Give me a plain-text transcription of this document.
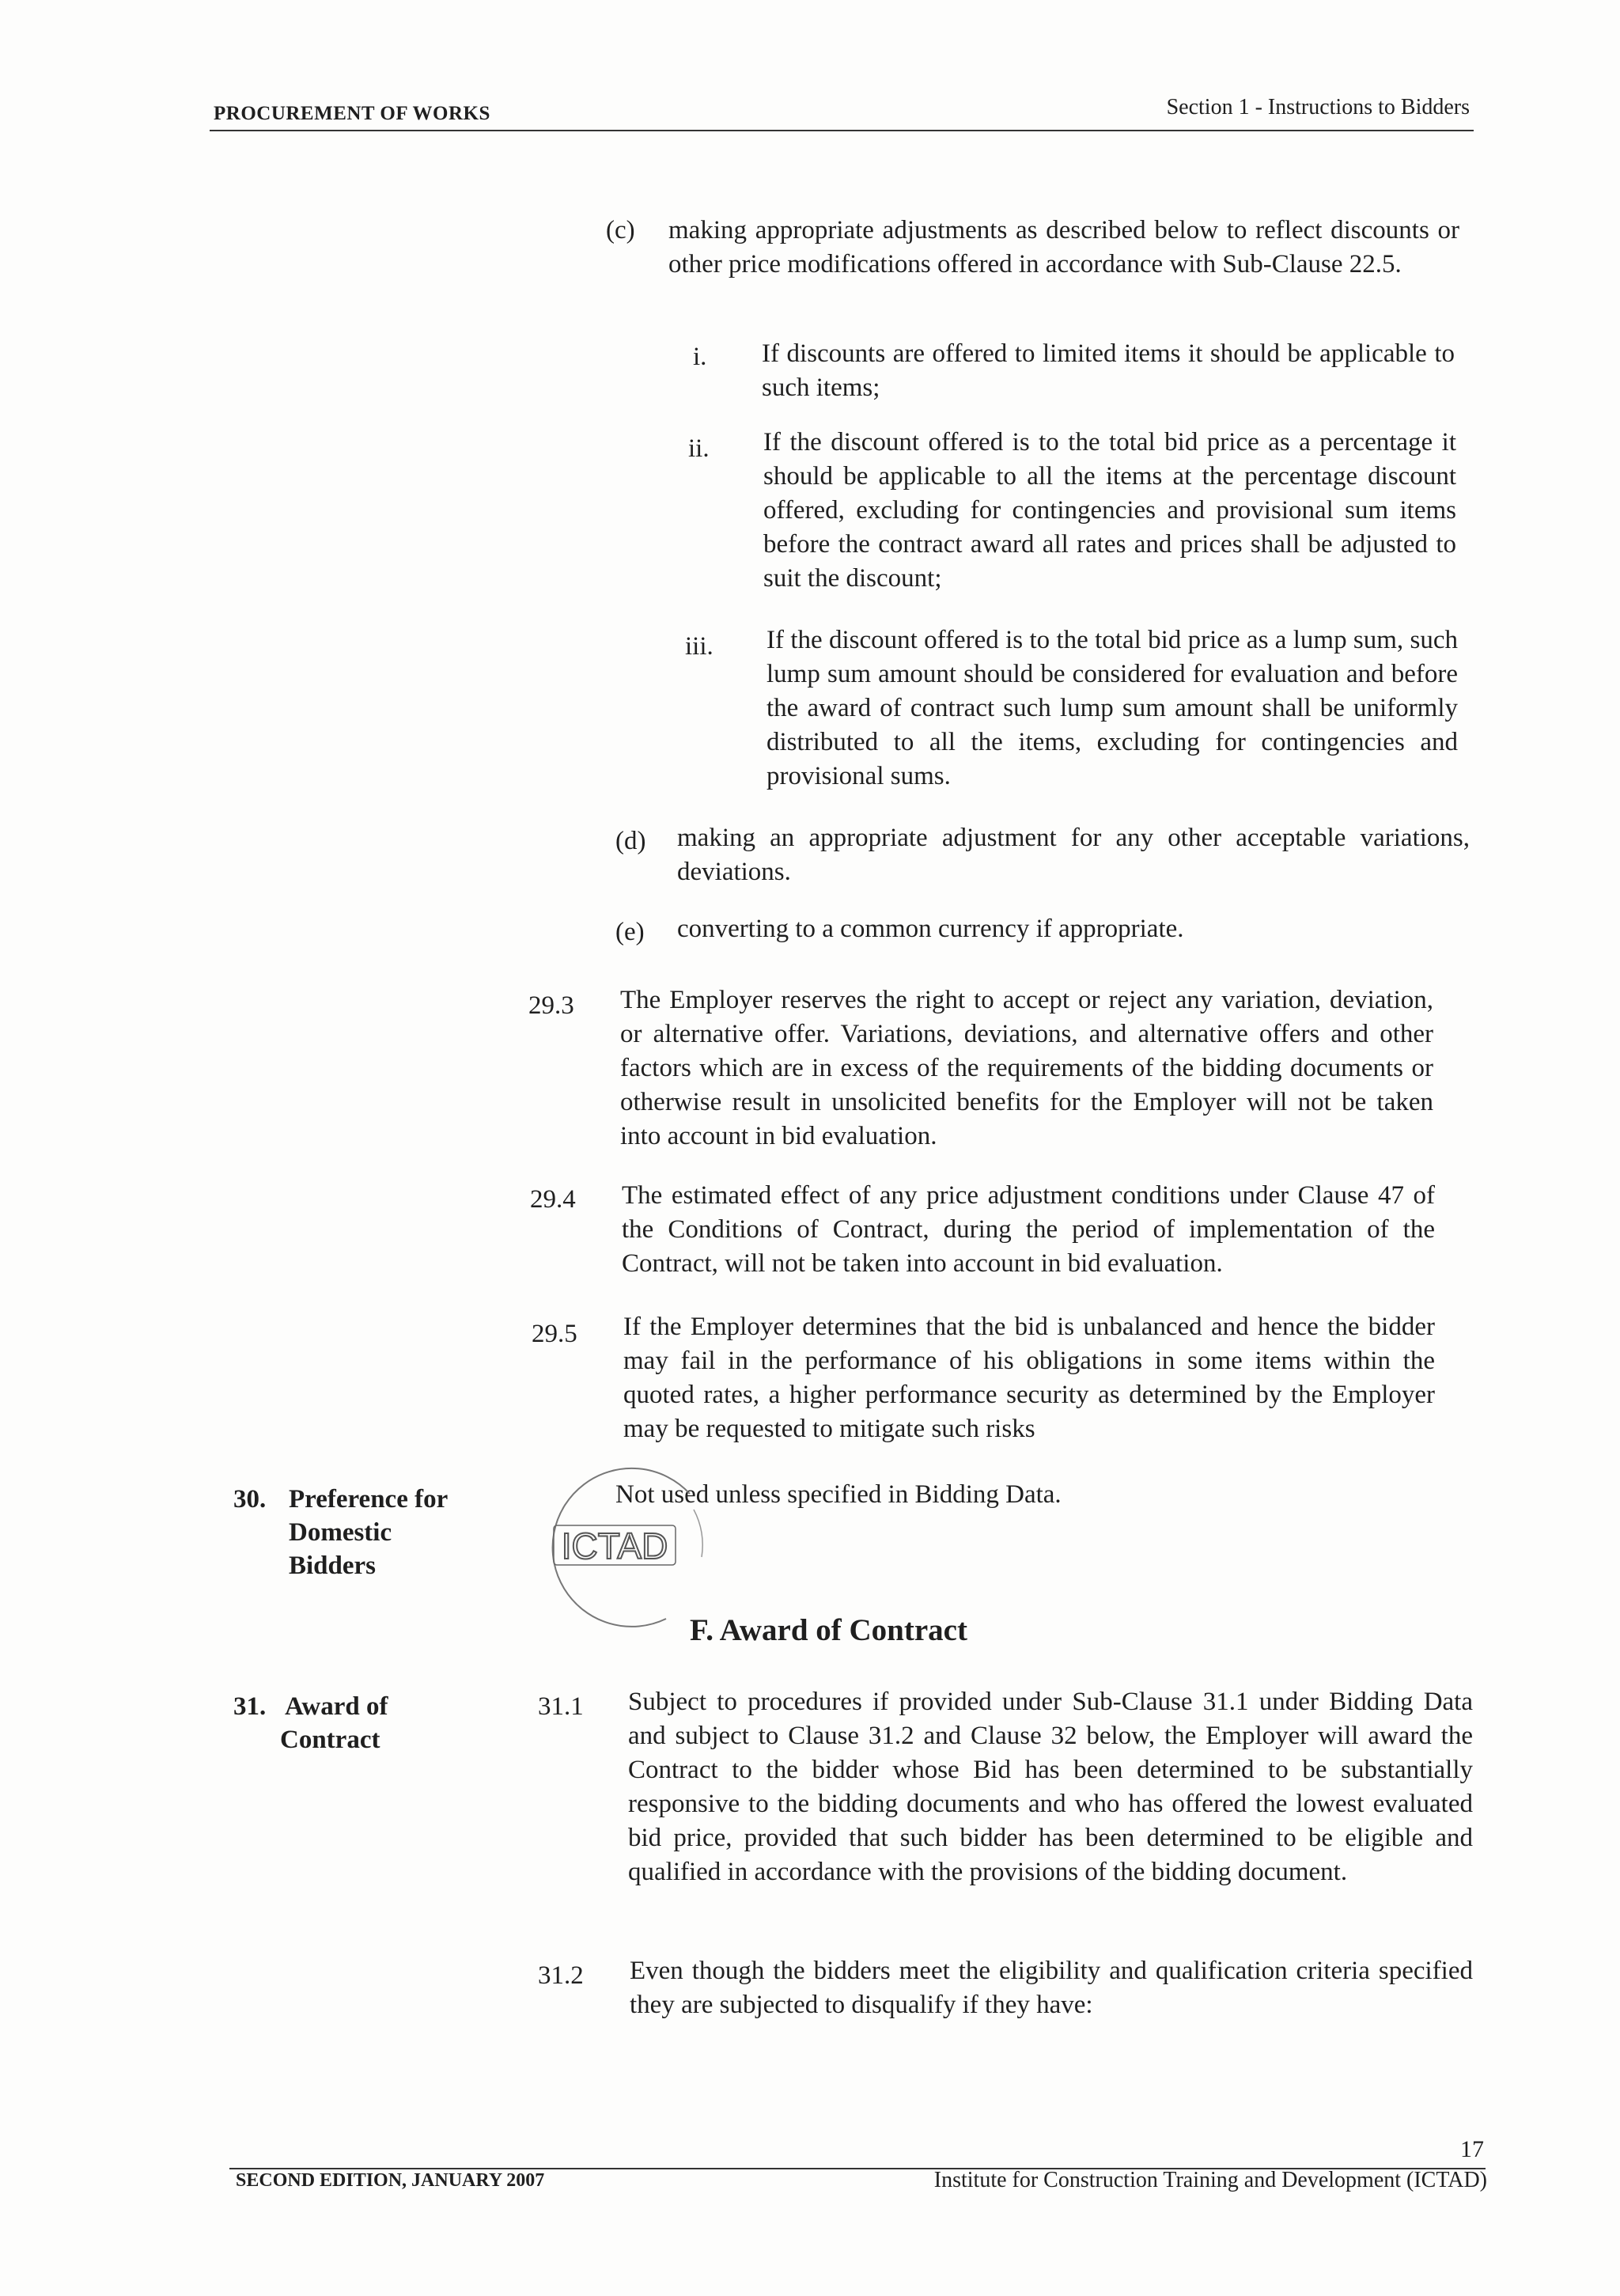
PROCUREMENT OF WORKS	Section 1 - Instructions to Bidders
(c) making appropriate adjustments as described below to reflect discounts or other price modifications offered in accordance with Sub-Clause 22.5.
i. If discounts are offered to limited items it should be applicable to such items;
ii. If the discount offered is to the total bid price as a percentage it should be applicable to all the items at the percentage discount offered, excluding for contingencies and provisional sum items before the contract award all rates and prices shall be adjusted to suit the discount;
iii. If the discount offered is to the total bid price as a lump sum, such lump sum amount should be considered for evaluation and before the award of contract such lump sum amount shall be uniformly distributed to all the items, excluding for contingencies and provisional sums.
(d) making an appropriate adjustment for any other acceptable variations, deviations.
(e) converting to a common currency if appropriate.
29.3 The Employer reserves the right to accept or reject any variation, deviation, or alternative offer. Variations, deviations, and alternative offers and other factors which are in excess of the requirements of the bidding documents or otherwise result in unsolicited benefits for the Employer will not be taken into account in bid evaluation.
29.4 The estimated effect of any price adjustment conditions under Clause 47 of the Conditions of Contract, during the period of implementation of the Contract, will not be taken into account in bid evaluation.
29.5 If the Employer determines that the bid is unbalanced and hence the bidder may fail in the performance of his obligations in some items within the quoted rates, a higher performance security as determined by the Employer may be requested to mitigate such risks
30. Preference for
Domestic
Bidders
Not used unless specified in Bidding Data.
ICTAD
F. Award of Contract
31. Award of
Contract
31.1 Subject to procedures if provided under Sub-Clause 31.1 under Bidding Data and subject to Clause 31.2 and Clause 32 below, the Employer will award the Contract to the bidder whose Bid has been determined to be substantially responsive to the bidding documents and who has offered the lowest evaluated bid price, provided that such bidder has been determined to be eligible and qualified in accordance with the provisions of the bidding document.
31.2 Even though the bidders meet the eligibility and qualification criteria specified they are subjected to disqualify if they have:
17
SECOND EDITION, JANUARY 2007	Institute for Construction Training and Development (ICTAD)
